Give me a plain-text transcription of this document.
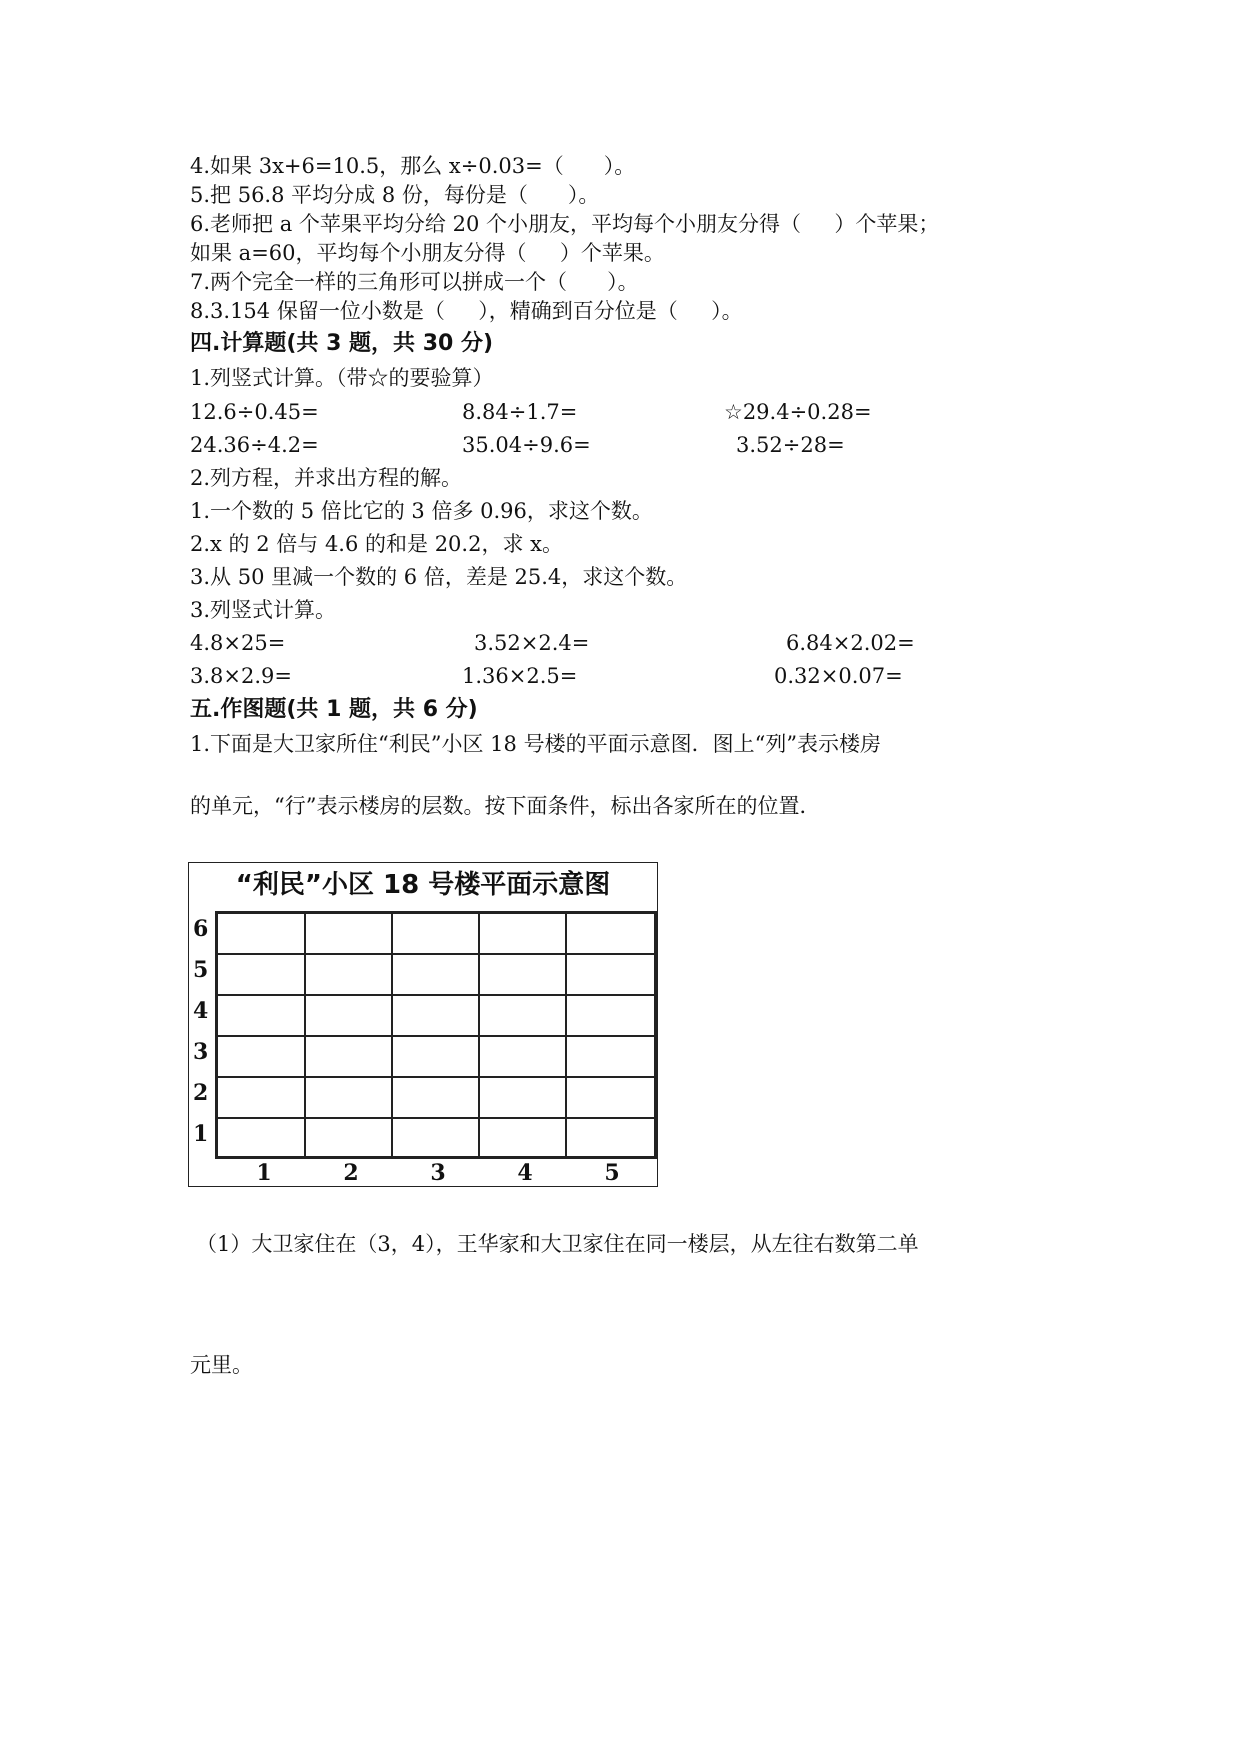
4.如果 3x+6=10.5，那么 x÷0.03=（      ）。
5.把 56.8 平均分成 8 份，每份是（      ）。
6.老师把 a 个苹果平均分给 20 个小朋友，平均每个小朋友分得（     ）个苹果；
如果 a=60，平均每个小朋友分得（     ）个苹果。
7.两个完全一样的三角形可以拼成一个（      ）。
8.3.154 保留一位小数是（     ），精确到百分位是（     ）。
四.计算题(共 3 题，共 30 分)
1.列竖式计算。（带☆的要验算）
12.6÷0.45=	8.84÷1.7=	☆29.4÷0.28=
24.36÷4.2=	35.04÷9.6=	3.52÷28=
2.列方程，并求出方程的解。
1.一个数的 5 倍比它的 3 倍多 0.96，求这个数。
2.x 的 2 倍与 4.6 的和是 20.2，求 x。
3.从 50 里减一个数的 6 倍，差是 25.4，求这个数。
3.列竖式计算。
4.8×25=	3.52×2.4=	6.84×2.02=
3.8×2.9=	1.36×2.5=	0.32×0.07=
五.作图题(共 1 题，共 6 分)
1.下面是大卫家所住“利民”小区 18 号楼的平面示意图．图上“列”表示楼房
的单元，“行”表示楼房的层数。按下面条件，标出各家所在的位置．
“利民”小区 18 号楼平面示意图
6
5
4
3
2
1
1	2	3	4	5
（1）大卫家住在（3，4），王华家和大卫家住在同一楼层，从左往右数第二单
元里。
